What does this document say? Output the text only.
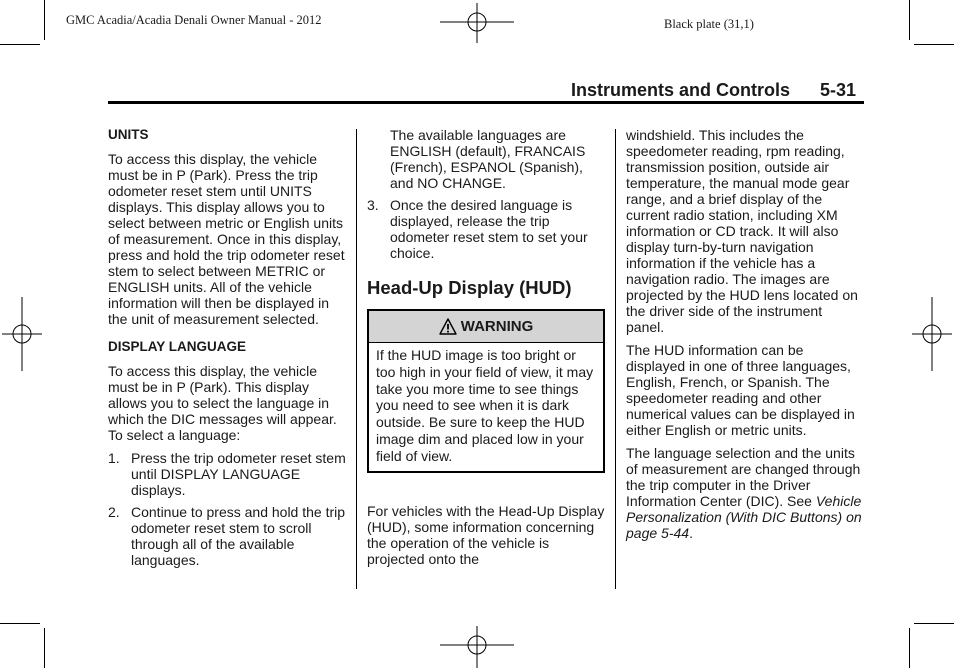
GMC Acadia/Acadia Denali Owner Manual - 2012	Black plate (31,1)
Instruments and Controls 5-31
UNITS

To access this display, the vehicle must be in P (Park). Press the trip odometer reset stem until UNITS displays. This display allows you to select between metric or English units of measurement. Once in this display, press and hold the trip odometer reset stem to select between METRIC or ENGLISH units. All of the vehicle information will then be displayed in the unit of measurement selected.

DISPLAY LANGUAGE

To access this display, the vehicle must be in P (Park). This display allows you to select the language in which the DIC messages will appear. To select a language:

1. Press the trip odometer reset stem until DISPLAY LANGUAGE displays.
2. Continue to press and hold the trip odometer reset stem to scroll through all of the available languages.
The available languages are ENGLISH (default), FRANCAIS (French), ESPANOL (Spanish), and NO CHANGE.
3. Once the desired language is displayed, release the trip odometer reset stem to set your choice.
Head-Up Display (HUD)
WARNING
If the HUD image is too bright or too high in your field of view, it may take you more time to see things you need to see when it is dark outside. Be sure to keep the HUD image dim and placed low in your field of view.

For vehicles with the Head-Up Display (HUD), some information concerning the operation of the vehicle is projected onto the

windshield. This includes the speedometer reading, rpm reading, transmission position, outside air temperature, the manual mode gear range, and a brief display of the current radio station, including XM information or CD track. It will also display turn-by-turn navigation information if the vehicle has a navigation radio. The images are projected by the HUD lens located on the driver side of the instrument panel.

The HUD information can be displayed in one of three languages, English, French, or Spanish. The speedometer reading and other numerical values can be displayed in either English or metric units.

The language selection and the units of measurement are changed through the trip computer in the Driver Information Center (DIC). See Vehicle Personalization (With DIC Buttons) on page 5-44.
